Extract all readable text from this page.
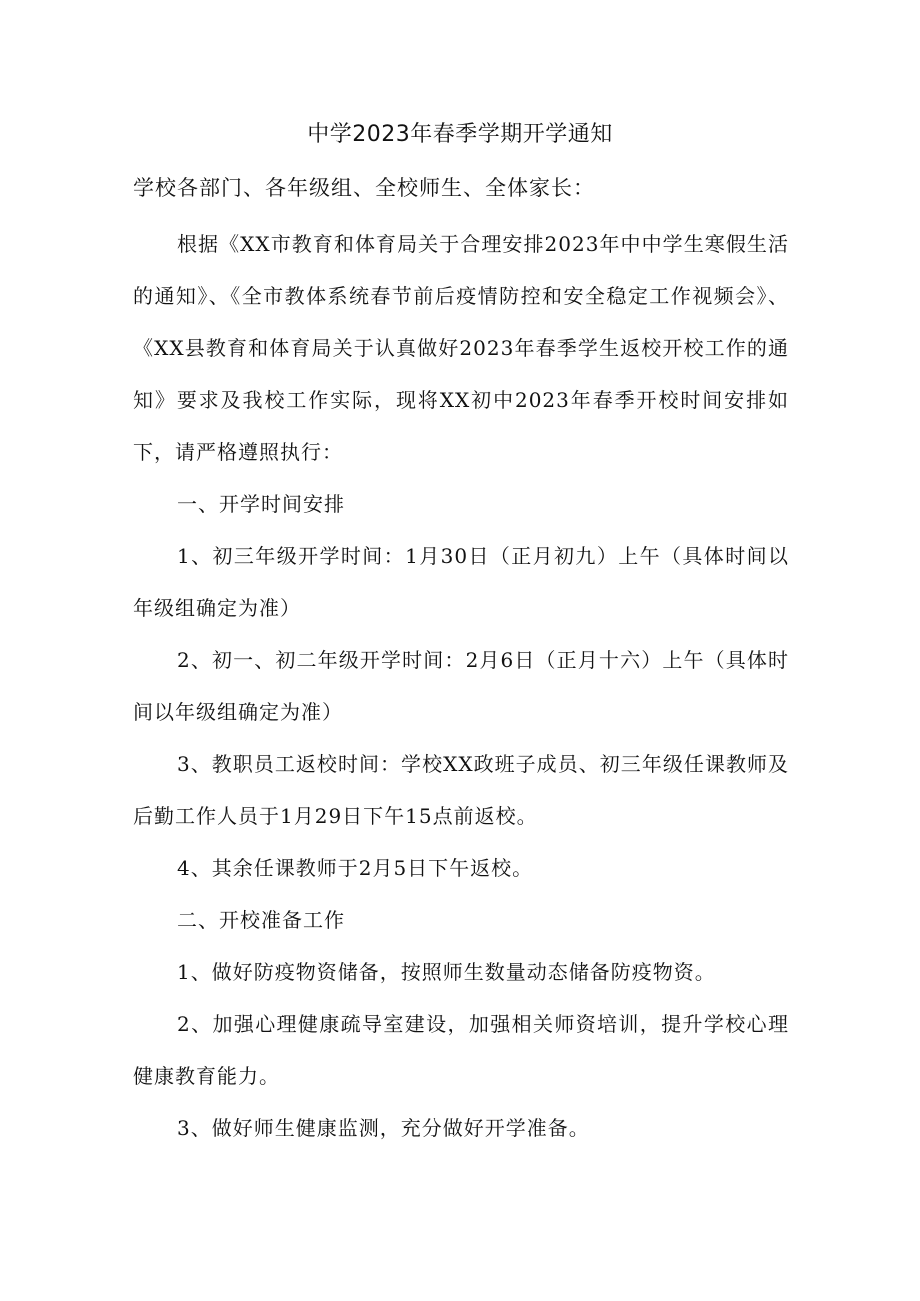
中学2023年春季学期开学通知
学校各部门、各年级组、全校师生、全体家长：

根据《XX市教育和体育局关于合理安排2023年中中学生寒假生活的通知》、《全市教体系统春节前后疫情防控和安全稳定工作视频会》、《XX县教育和体育局关于认真做好2023年春季学生返校开校工作的通知》要求及我校工作实际，现将XX初中2023年春季开校时间安排如下，请严格遵照执行：

一、开学时间安排

1、初三年级开学时间：1月30日（正月初九）上午（具体时间以年级组确定为准）

2、初一、初二年级开学时间：2月6日（正月十六）上午（具体时间以年级组确定为准）

3、教职员工返校时间：学校XX政班子成员、初三年级任课教师及后勤工作人员于1月29日下午15点前返校。

4、其余任课教师于2月5日下午返校。

二、开校准备工作

1、做好防疫物资储备，按照师生数量动态储备防疫物资。

2、加强心理健康疏导室建设，加强相关师资培训，提升学校心理健康教育能力。

3、做好师生健康监测，充分做好开学准备。
